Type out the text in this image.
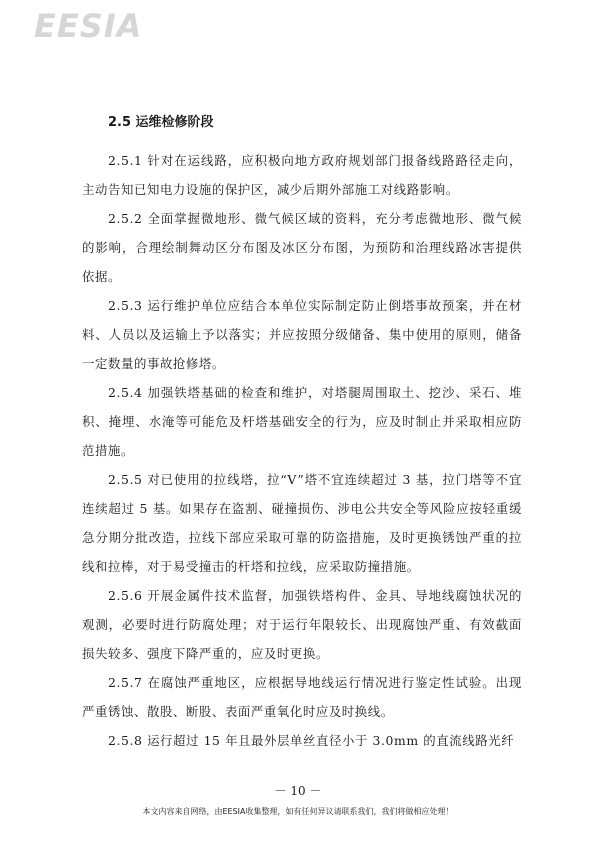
EESIA
2.5 运维检修阶段

2.5.1 针对在运线路，应积极向地方政府规划部门报备线路路径走向，主动告知已知电力设施的保护区，减少后期外部施工对线路影响。

2.5.2 全面掌握微地形、微气候区域的资料，充分考虑微地形、微气候的影响，合理绘制舞动区分布图及冰区分布图，为预防和治理线路冰害提供依据。

2.5.3 运行维护单位应结合本单位实际制定防止倒塔事故预案，并在材料、人员以及运输上予以落实；并应按照分级储备、集中使用的原则，储备一定数量的事故抢修塔。

2.5.4 加强铁塔基础的检查和维护，对塔腿周围取土、挖沙、采石、堆积、掩埋、水淹等可能危及杆塔基础安全的行为，应及时制止并采取相应防范措施。

2.5.5 对已使用的拉线塔，拉“V”塔不宜连续超过 3 基，拉门塔等不宜连续超过 5 基。如果存在盗割、碰撞损伤、涉电公共安全等风险应按轻重缓急分期分批改造，拉线下部应采取可靠的防盗措施，及时更换锈蚀严重的拉线和拉棒，对于易受撞击的杆塔和拉线，应采取防撞措施。

2.5.6 开展金属件技术监督，加强铁塔构件、金具、导地线腐蚀状况的观测，必要时进行防腐处理；对于运行年限较长、出现腐蚀严重、有效截面损失较多、强度下降严重的，应及时更换。

2.5.7 在腐蚀严重地区，应根据导地线运行情况进行鉴定性试验。出现严重锈蚀、散股、断股、表面严重氧化时应及时换线。

2.5.8 运行超过 15 年且最外层单丝直径小于 3.0mm 的直流线路光纤

－ 10 －
本文内容来自网络，由EESIA收集整理，如有任何异议请联系我们，我们将做相应处理！
